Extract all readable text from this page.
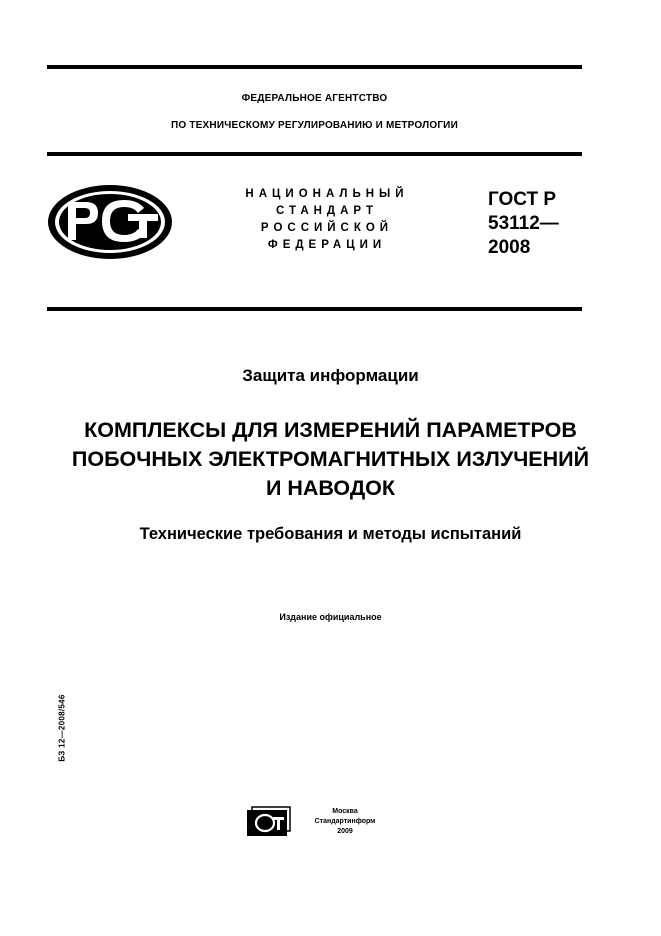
ФЕДЕРАЛЬНОЕ АГЕНТСТВО
ПО ТЕХНИЧЕСКОМУ РЕГУЛИРОВАНИЮ И МЕТРОЛОГИИ
НАЦИОНАЛЬНЫЙ
СТАНДАРТ
РОССИЙСКОЙ
ФЕДЕРАЦИИ
ГОСТ Р
53112—
2008
Защита информации
КОМПЛЕКСЫ ДЛЯ ИЗМЕРЕНИЙ ПАРАМЕТРОВ
ПОБОЧНЫХ ЭЛЕКТРОМАГНИТНЫХ ИЗЛУЧЕНИЙ
И НАВОДОК
Технические требования и методы испытаний
Издание официальное
БЗ 12—2008/546
Москва
Стандартинформ
2009
